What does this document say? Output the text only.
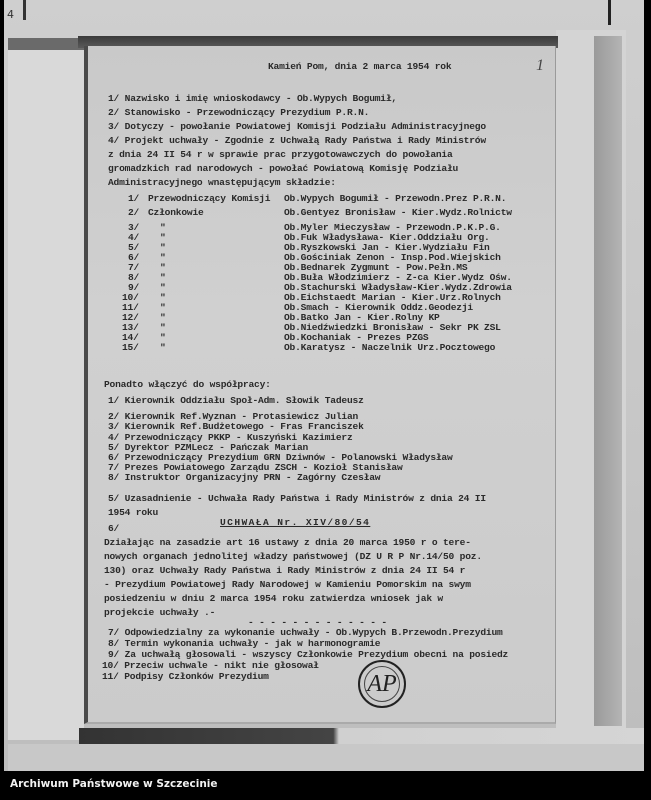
4
Kamień Pom, dnia 2 marca 1954 rok	1
1/ Nazwisko i imię wnioskodawcy - Ob.Wypych Bogumił,
2/ Stanowisko - Przewodniczący Prezydium P.R.N.
3/ Dotyczy - powołanie Powiatowej Komisji Podziału Administracyjnego
4/ Projekt uchwały - Zgodnie z Uchwałą Rady Państwa i Rady Ministrów
z dnia 24 II 54 r w sprawie prac przygotowawczych do powołania
gromadzkich rad narodowych - powołać Powiatową Komisję Podziału
Administracyjnego wnastępującym składzie:
1/ Przewodniczący Komisji Ob.Wypych Bogumił - Przewodn.Prez P.R.N.
2/ Członkowie	Ob.Gentyez Bronisław - Kier.Wydz.Rolnictw
3/ "	Ob.Myler Mieczysław - Przewodn.P.K.P.G.
4/ "	Ob.Fuk Władysława- Kier.Oddziału Org.
5/ "	Ob.Ryszkowski Jan - Kier.Wydziału Fin
6/ "	Ob.Gościniak Zenon - Insp.Pod.Wiejskich
7/ "	Ob.Bednarek Zygmunt - Pow.Pełn.MS
8/ "	Ob.Buła Włodzimierz - Z-ca Kier.Wydz Ośw.
9/ "	Ob.Stachurski Władysław-Kier.Wydz.Zdrowia
10/ "	Ob.Eichstaedt Marian - Kier.Urz.Rolnych
11/ "	Ob.Smach - Kierownik Oddz.Geodezji
12/ "	Ob.Batko Jan - Kier.Rolny KP
13/ "	Ob.Niedźwiedzki Bronisław - Sekr PK ZSL
14/ "	Ob.Kochaniak - Prezes PZGS
15/ "	Ob.Karatysz - Naczelnik Urz.Pocztowego
Ponadto włączyć do współpracy:
1/ Kierownik Oddziału Społ-Adm. Słowik Tadeusz
2/ Kierownik Ref.Wyznan - Protasiewicz Julian
3/ Kierownik Ref.Budżetowego - Fras Franciszek
4/ Przewodniczący PKKP - Kuszyński Kazimierz
5/ Dyrektor PZMLecz - Pańczak Marian
6/ Przewodniczący Prezydium GRN Dziwnów - Polanowski Władysław
7/ Prezes Powiatowego Zarządu ZSCH - Kozioł Stanisław
8/ Instruktor Organizacyjny PRN - Zagórny Czesław
5/ Uzasadnienie - Uchwała Rady Państwa i Rady Ministrów z dnia 24 II
1954 roku
6/
UCHWAŁA Nr. XIV/80/54
Działając na zasadzie art 16 ustawy z dnia 20 marca 1950 r o tere-
nowych organach jednolitej władzy państwowej (DZ U R P Nr.14/50 poz.
130) oraz Uchwały Rady Państwa i Rady Ministrów z dnia 24 II 54 r
- Prezydium Powiatowej Rady Narodowej w Kamieniu Pomorskim na swym
posiedzeniu w dniu 2 marca 1954 roku zatwierdza wniosek jak w
projekcie uchwały .-
- - - - - - - - - - - - -
7/ Odpowiedzialny za wykonanie uchwały - Ob.Wypych B.Przewodn.Prezydium
8/ Termin wykonania uchwały - jak w harmonogramie
9/ Za uchwałą głosowali - wszyscy Członkowie Prezydium obecni na posiedz
10/ Przeciw uchwale - nikt nie głosował
11/ Podpisy Członków Prezydium	AP
Archiwum Państwowe w Szczecinie
